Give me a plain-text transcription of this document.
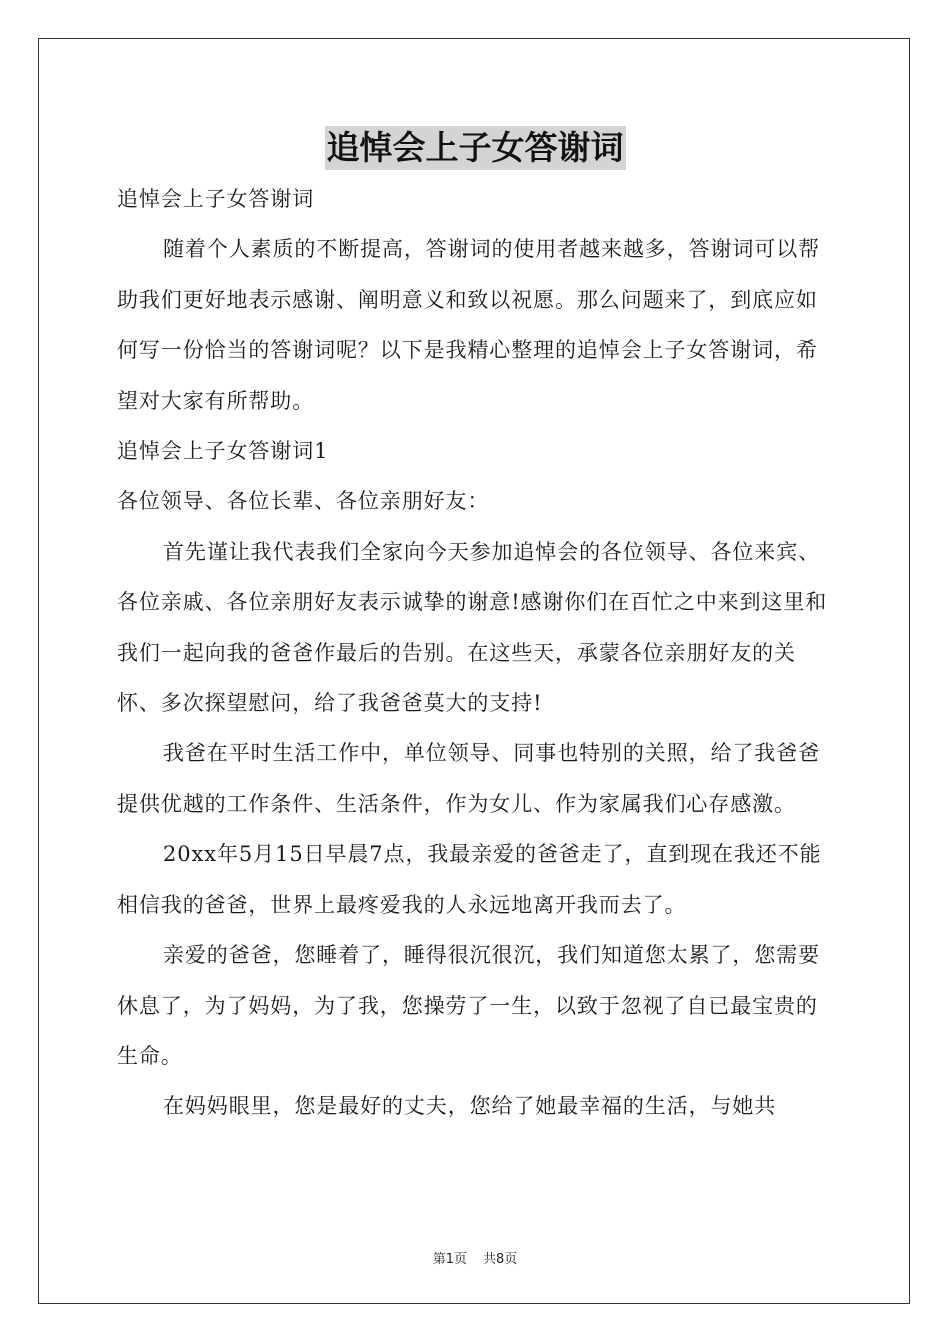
追悼会上子女答谢词

追悼会上子女答谢词

随着个人素质的不断提高，答谢词的使用者越来越多，答谢词可以帮助我们更好地表示感谢、阐明意义和致以祝愿。那么问题来了，到底应如何写一份恰当的答谢词呢？以下是我精心整理的追悼会上子女答谢词，希望对大家有所帮助。

追悼会上子女答谢词1

各位领导、各位长辈、各位亲朋好友：

首先谨让我代表我们全家向今天参加追悼会的各位领导、各位来宾、各位亲戚、各位亲朋好友表示诚挚的谢意!感谢你们在百忙之中来到这里和我们一起向我的爸爸作最后的告别。在这些天，承蒙各位亲朋好友的关怀、多次探望慰问，给了我爸爸莫大的支持!

我爸在平时生活工作中，单位领导、同事也特别的关照，给了我爸爸提供优越的工作条件、生活条件，作为女儿、作为家属我们心存感激。

20xx年5月15日早晨7点，我最亲爱的爸爸走了，直到现在我还不能相信我的爸爸，世界上最疼爱我的人永远地离开我而去了。

亲爱的爸爸，您睡着了，睡得很沉很沉，我们知道您太累了，您需要休息了，为了妈妈，为了我，您操劳了一生，以致于忽视了自已最宝贵的生命。

在妈妈眼里，您是最好的丈夫，您给了她最幸福的生活，与她共

第1页 共8页
